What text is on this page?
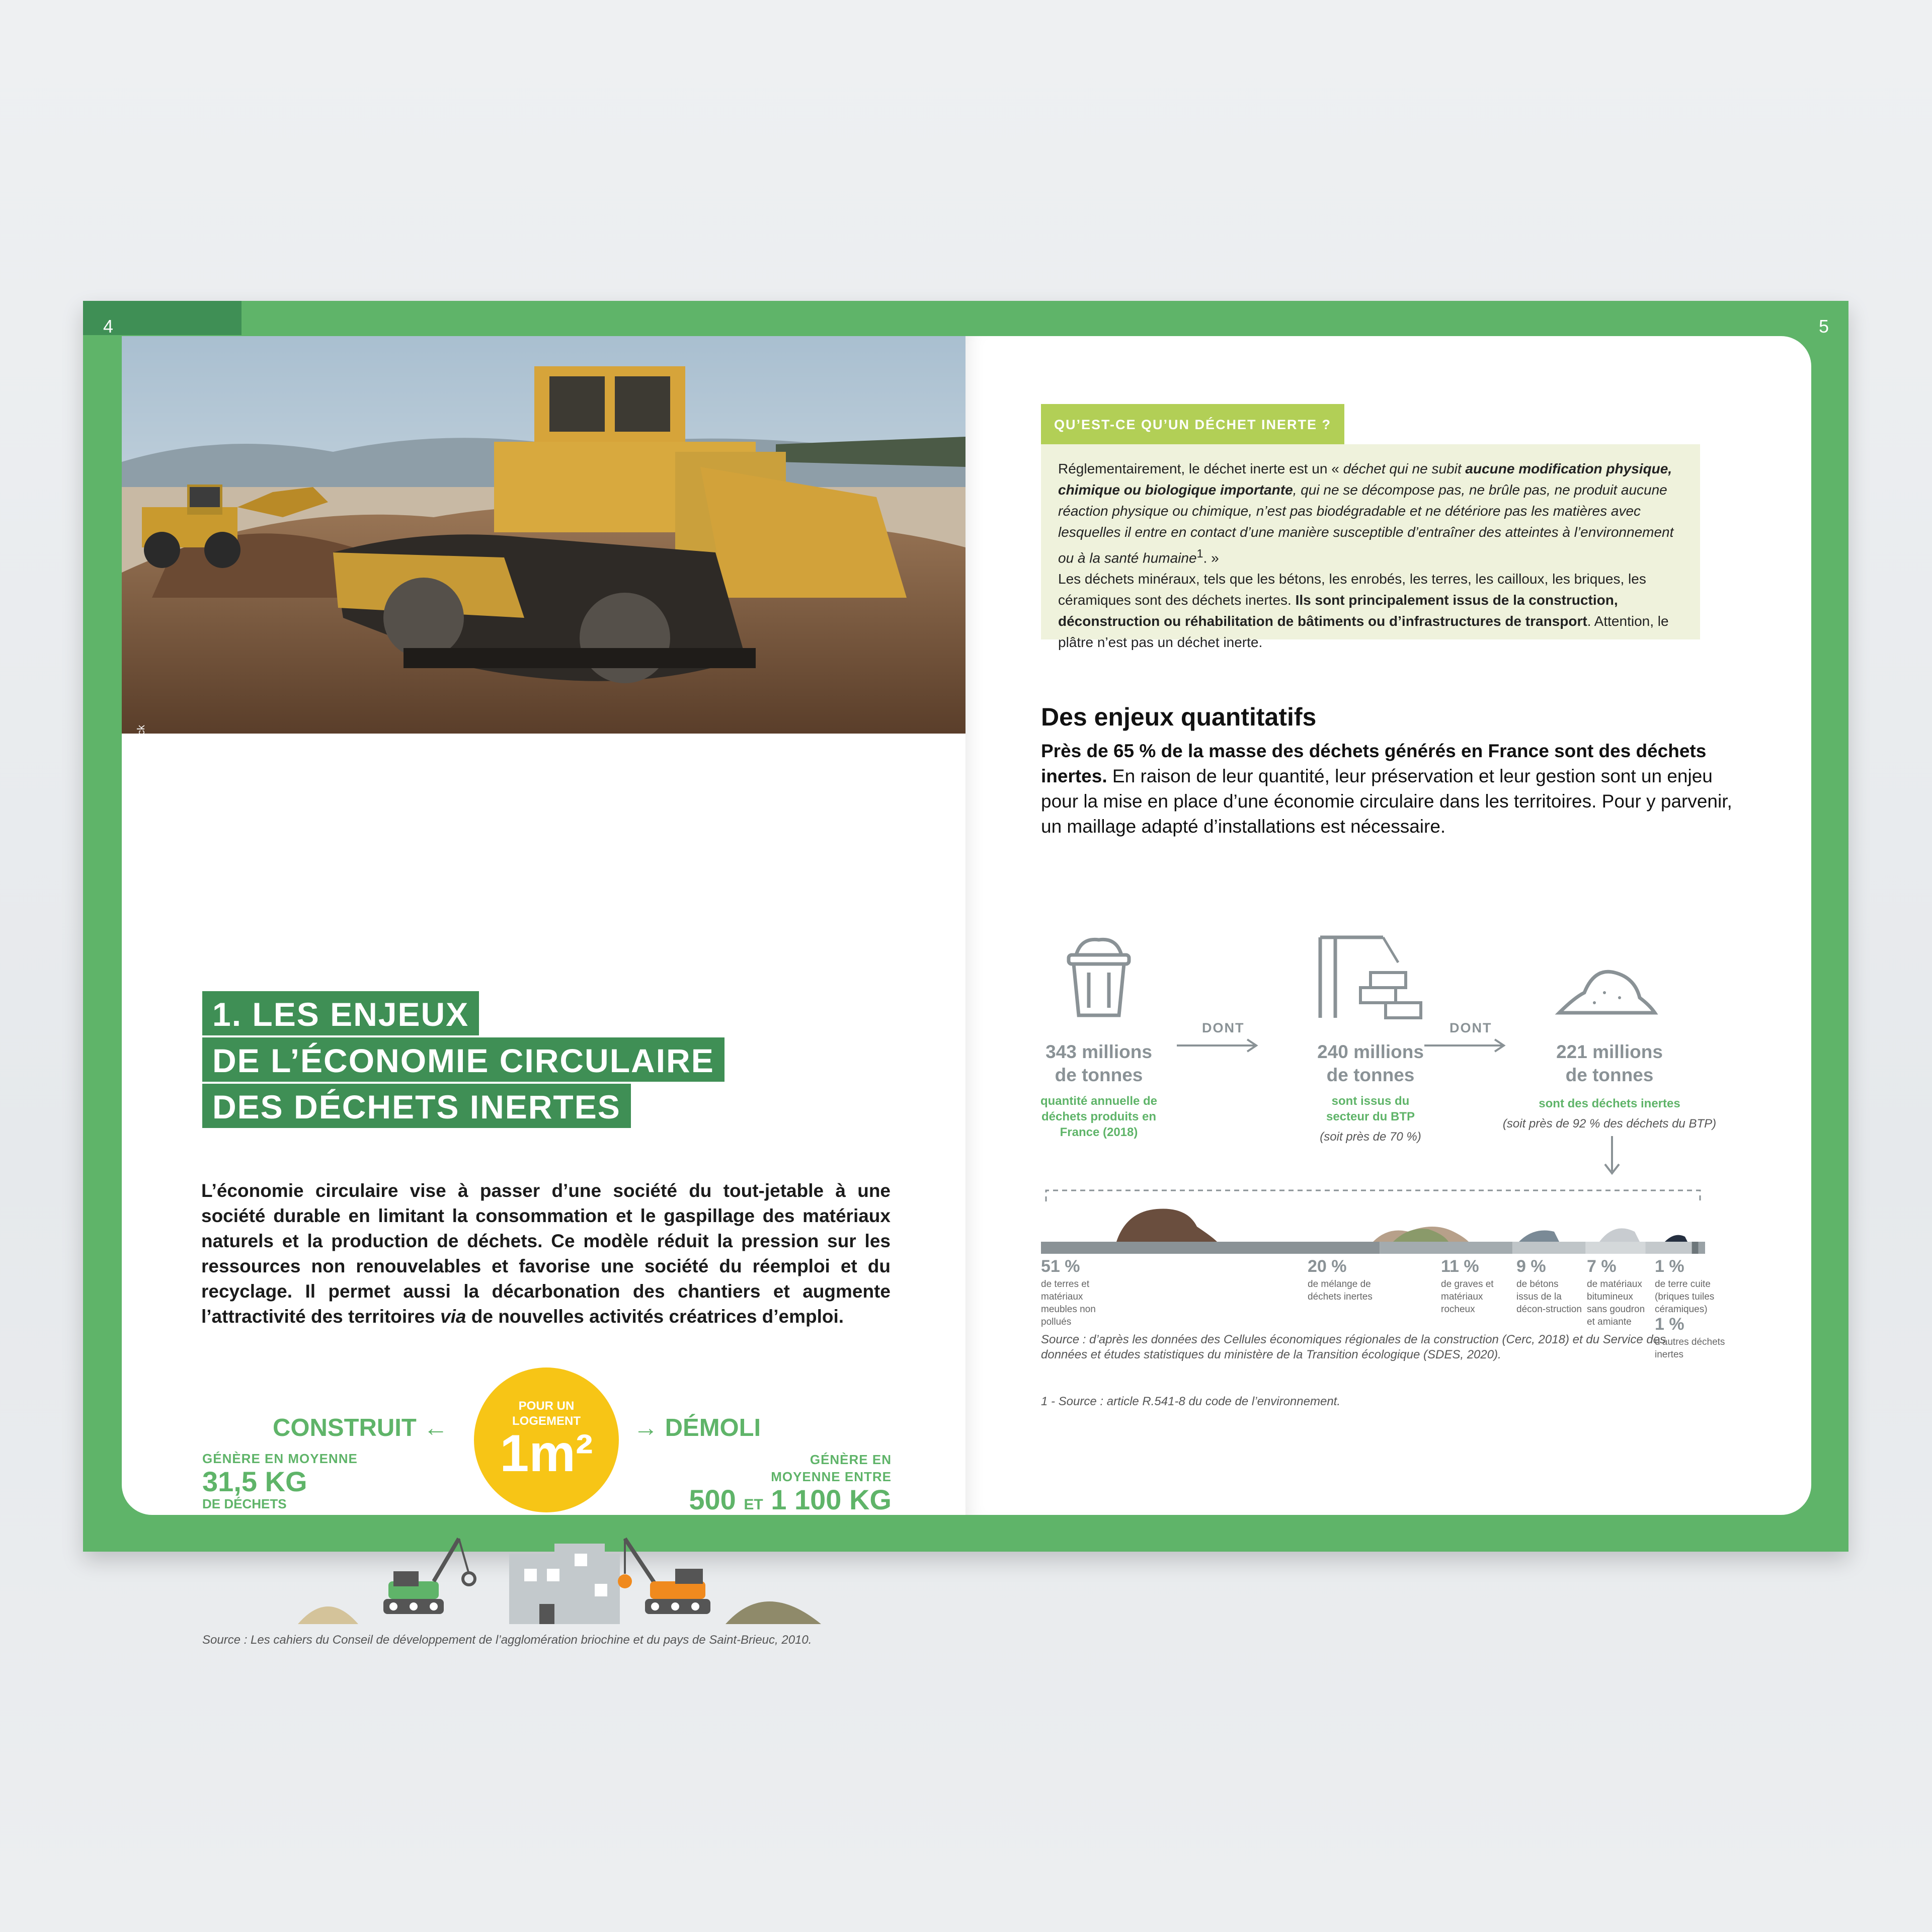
4	5
© AdobeStock
1. LES ENJEUX
DE L’ÉCONOMIE CIRCULAIRE
DES DÉCHETS INERTES
L’économie circulaire vise à passer d’une société du tout-jetable à une société durable en limitant la consommation et le gaspillage des matériaux naturels et la production de déchets. Ce modèle réduit la pression sur les ressources non renouvelables et favorise une société du réemploi et du recyclage. Il permet aussi la décarbonation des chantiers et augmente l’attractivité des territoires via de nouvelles activités créatrices d’emploi.
CONSTRUIT ←
GÉNÈRE EN MOYENNE
31,5 KG
DE DÉCHETS
POUR UN
LOGEMENT
1m²	→ DÉMOLI
GÉNÈRE EN
MOYENNE ENTRE
500 ET 1 100 KG
DE DÉCHETS
Source : Les cahiers du Conseil de développement de l’agglomération briochine et du pays de Saint-Brieuc, 2010.
QU’EST-CE QU’UN DÉCHET INERTE ?
Réglementairement, le déchet inerte est un « déchet qui ne subit aucune modification physique, chimique ou biologique importante, qui ne se décompose pas, ne brûle pas, ne produit aucune réaction physique ou chimique, n’est pas biodégradable et ne détériore pas les matières avec lesquelles il entre en contact d’une manière susceptible d’entraîner des atteintes à l’environnement ou à la santé humaine$^1$. »
Les déchets minéraux, tels que les bétons, les enrobés, les terres, les cailloux, les briques, les céramiques sont des déchets inertes. Ils sont principalement issus de la construction, déconstruction ou réhabilitation de bâtiments ou d’infrastructures de transport. Attention, le plâtre n’est pas un déchet inerte.
Des enjeux quantitatifs
Près de 65 % de la masse des déchets générés en France sont des déchets inertes. En raison de leur quantité, leur préservation et leur gestion sont un enjeu pour la mise en place d’une économie circulaire dans les territoires. Pour y parvenir, un maillage adapté d’installations est nécessaire.
DONT	DONT
343 millions
de tonnes
quantité annuelle de déchets produits en France (2018)
240 millions
de tonnes
sont issus du secteur du BTP
(soit près de 70 %)
221 millions
de tonnes
sont des déchets inertes
(soit près de 92 % des déchets du BTP)
51 %
de terres et matériaux meubles non pollués
20 %
de mélange de déchets inertes
11 %
de graves et matériaux rocheux
9 %
de bétons issus de la décon-struction
7 %
de matériaux bitumineux sans goudron et amiante
1 %
de terre cuite (briques tuiles céramiques)
1 %
d’autres déchets inertes
Source : d’après les données des Cellules économiques régionales de la construction (Cerc, 2018) et du Service des données et études statistiques du ministère de la Transition écologique (SDES, 2020).
1 - Source : article R.541-8 du code de l’environnement.
